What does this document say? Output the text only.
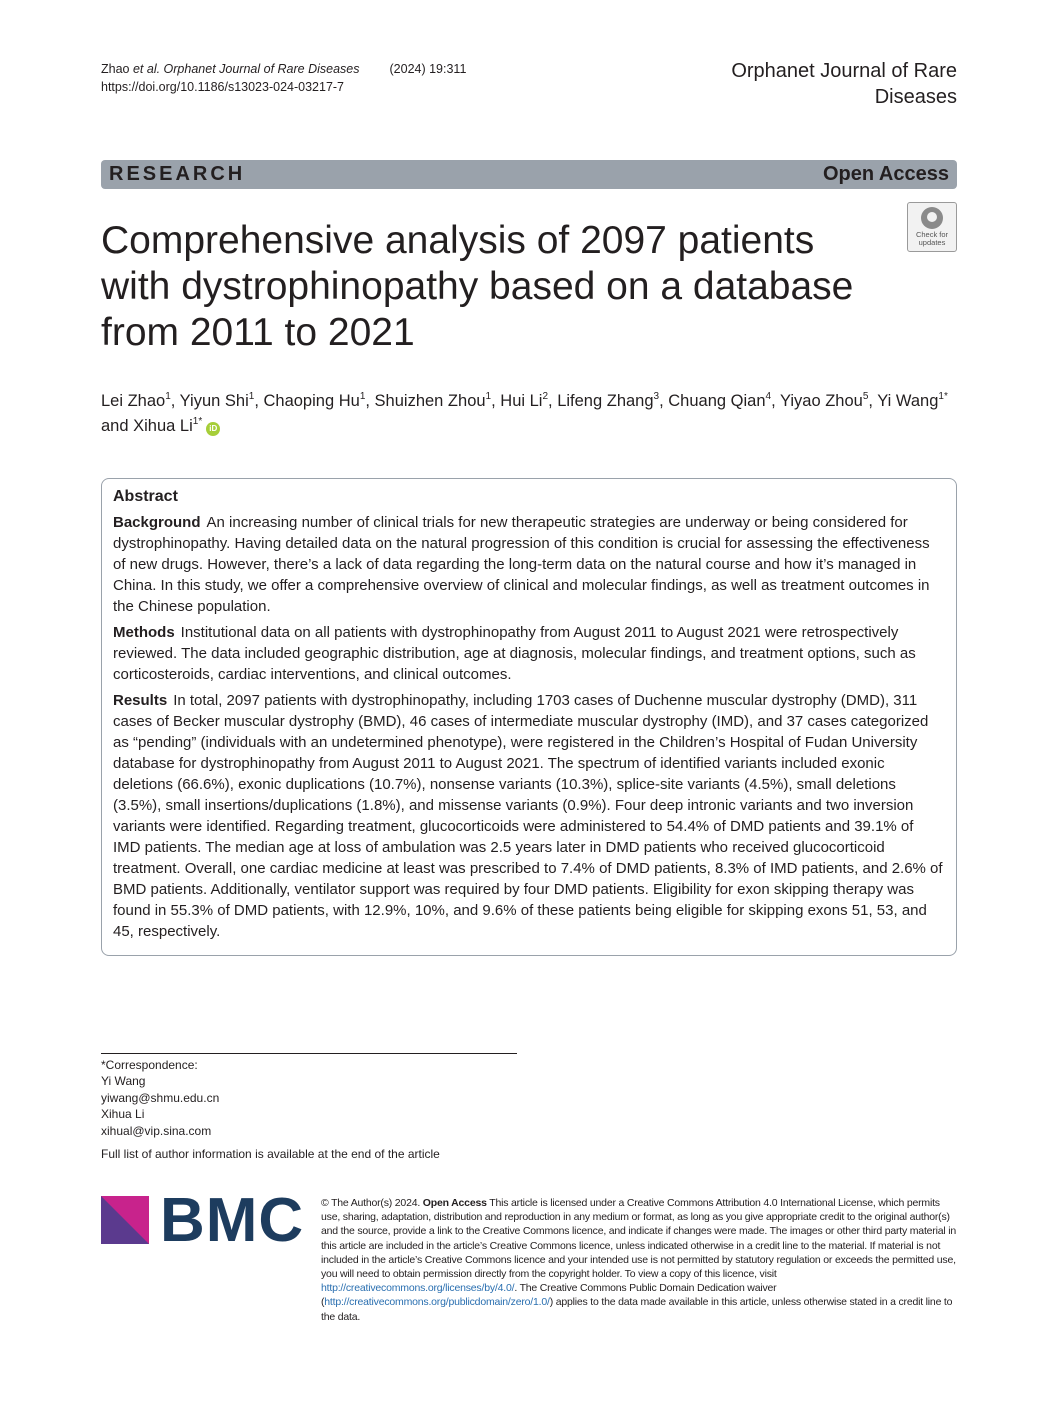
Zhao et al. Orphanet Journal of Rare Diseases (2024) 19:311
https://doi.org/10.1186/s13023-024-03217-7
Orphanet Journal of Rare
Diseases
RESEARCH	Open Access
Check for
updates
Comprehensive analysis of 2097 patients
with dystrophinopathy based on a database
from 2011 to 2021
Lei Zhao$^1$, Yiyun Shi$^1$, Chaoping Hu$^1$, Shuizhen Zhou$^1$, Hui Li$^2$, Lifeng Zhang$^3$, Chuang Qian$^4$, Yiyao Zhou$^5$, Yi Wang$^{1*}$
and Xihua $Li^{1*}iD$
Abstract

Background An increasing number of clinical trials for new therapeutic strategies are underway or being considered for dystrophinopathy. Having detailed data on the natural progression of this condition is crucial for assessing the effectiveness of new drugs. However, there’s a lack of data regarding the long-term data on the natural course and how it’s managed in China. In this study, we offer a comprehensive overview of clinical and molecular findings, as well as treatment outcomes in the Chinese population.

Methods Institutional data on all patients with dystrophinopathy from August 2011 to August 2021 were retrospectively reviewed. The data included geographic distribution, age at diagnosis, molecular findings, and treatment options, such as corticosteroids, cardiac interventions, and clinical outcomes.

Results In total, 2097 patients with dystrophinopathy, including 1703 cases of Duchenne muscular dystrophy (DMD), 311 cases of Becker muscular dystrophy (BMD), 46 cases of intermediate muscular dystrophy (IMD), and 37 cases categorized as “pending” (individuals with an undetermined phenotype), were registered in the Children’s Hospital of Fudan University database for dystrophinopathy from August 2011 to August 2021. The spectrum of identified variants included exonic deletions (66.6%), exonic duplications (10.7%), nonsense variants (10.3%), splice-site variants (4.5%), small deletions (3.5%), small insertions/duplications (1.8%), and missense variants (0.9%). Four deep intronic variants and two inversion variants were identified. Regarding treatment, glucocorticoids were administered to 54.4% of DMD patients and 39.1% of IMD patients. The median age at loss of ambulation was 2.5 years later in DMD patients who received glucocorticoid treatment. Overall, one cardiac medicine at least was prescribed to 7.4% of DMD patients, 8.3% of IMD patients, and 2.6% of BMD patients. Additionally, ventilator support was required by four DMD patients. Eligibility for exon skipping therapy was found in 55.3% of DMD patients, with 12.9%, 10%, and 9.6% of these patients being eligible for skipping exons 51, 53, and 45, respectively.

*Correspondence:
Yi Wang
yiwang@shmu.edu.cn
Xihua Li
xihual@vip.sina.com
Full list of author information is available at the end of the article
BMC © The Author(s) 2024. Open Access This article is licensed under a Creative Commons Attribution 4.0 International License, which permits use, sharing, adaptation, distribution and reproduction in any medium or format, as long as you give appropriate credit to the original author(s) and the source, provide a link to the Creative Commons licence, and indicate if changes were made. The images or other third party material in this article are included in the article’s Creative Commons licence, unless indicated otherwise in a credit line to the material. If material is not included in the article’s Creative Commons licence and your intended use is not permitted by statutory regulation or exceeds the permitted use, you will need to obtain permission directly from the copyright holder. To view a copy of this licence, visit http://creativecommons.org/licenses/by/4.0/. The Creative Commons Public Domain Dedication waiver (http://creativecommons.org/publicdomain/zero/1.0/) applies to the data made available in this article, unless otherwise stated in a credit line to the data.
